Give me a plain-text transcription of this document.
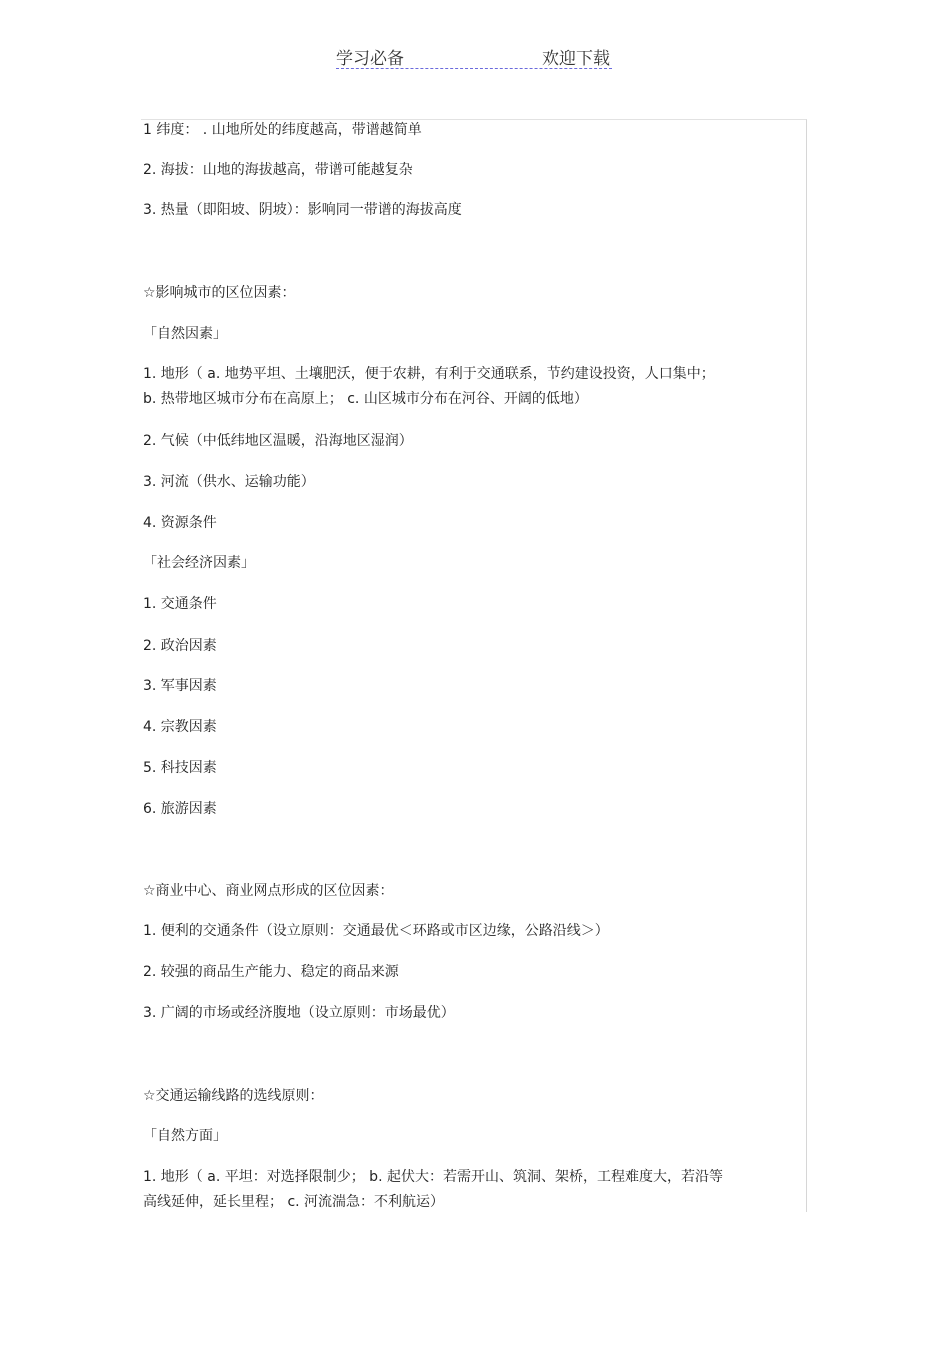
学习必备	欢迎下载
1 纬度： . 山地所处的纬度越高，带谱越简单
2. 海拔：山地的海拔越高，带谱可能越复杂
3. 热量（即阳坡、阴坡）：影响同一带谱的海拔高度
☆影响城市的区位因素：
「自然因素」
1. 地形（ a. 地势平坦、土壤肥沃，便于农耕，有利于交通联系，节约建设投资，人口集中；
b. 热带地区城市分布在高原上； c. 山区城市分布在河谷、开阔的低地）
2. 气候（中低纬地区温暖，沿海地区湿润）
3. 河流（供水、运输功能）
4. 资源条件
「社会经济因素」
1. 交通条件
2. 政治因素
3. 军事因素
4. 宗教因素
5. 科技因素
6. 旅游因素
☆商业中心、商业网点形成的区位因素：
1. 便利的交通条件（设立原则：交通最优＜环路或市区边缘，公路沿线＞）
2. 较强的商品生产能力、稳定的商品来源
3. 广阔的市场或经济腹地（设立原则：市场最优）
☆交通运输线路的选线原则：
「自然方面」
1. 地形（ a. 平坦：对选择限制少； b. 起伏大：若需开山、筑洞、架桥，工程难度大，若沿等
高线延伸，延长里程； c. 河流湍急：不利航运）
